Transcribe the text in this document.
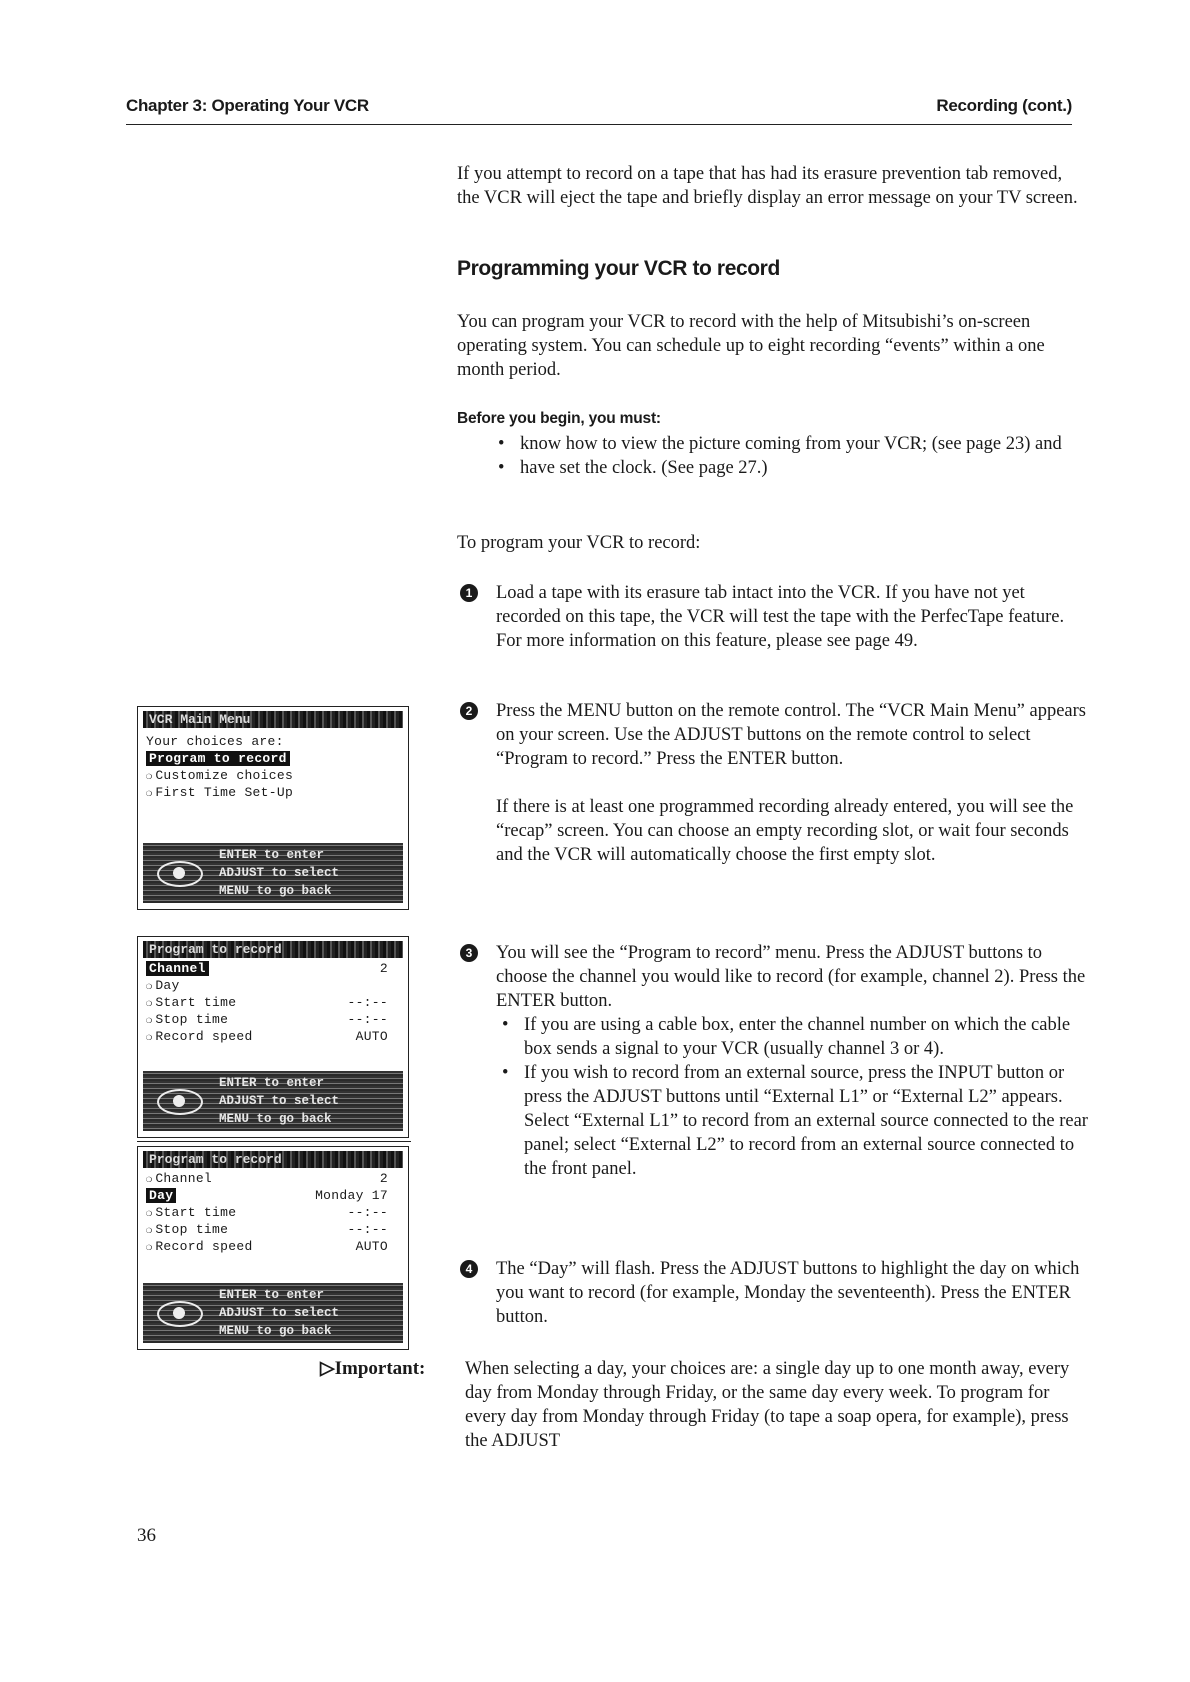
Chapter 3: Operating Your VCR	Recording (cont.)

If you attempt to record on a tape that has had its erasure prevention tab removed, the VCR will eject the tape and briefly display an error message on your TV screen.

Programming your VCR to record

You can program your VCR to record with the help of Mitsubishi’s on-screen operating system. You can schedule up to eight recording “events” within a one month period.

Before you begin, you must:
• know how to view the picture coming from your VCR; (see page 23) and
• have set the clock. (See page 27.)

To program your VCR to record:

1	Load a tape with its erasure tab intact into the VCR. If you have not yet recorded on this tape, the VCR will test the tape with the PerfecTape feature. For more information on this feature, please see page 49.

2	Press the MENU button on the remote control. The “VCR Main Menu” appears on your screen. Use the ADJUST buttons on the remote control to select “Program to record.” Press the ENTER button.

If there is at least one programmed recording already entered, you will see the “recap” screen. You can choose an empty recording slot, or wait four seconds and the VCR will automatically choose the first empty slot.

3	You will see the “Program to record” menu. Press the ADJUST buttons to choose the channel you would like to record (for example, channel 2). Press the ENTER button.

• If you are using a cable box, enter the channel number on which the cable box sends a signal to your VCR (usually channel 3 or 4).
• If you wish to record from an external source, press the INPUT button or press the ADJUST buttons until “External L1” or “External L2” appears. Select “External L1” to record from an external source connected to the rear panel; select “External L2” to record from an external source connected to the front panel.
4	The “Day” will flash. Press the ADJUST buttons to highlight the day on which you want to record (for example, Monday the seventeenth). Press the ENTER button.

▷Important: When selecting a day, your choices are: a single day up to one month away, every day from Monday through Friday, or the same day every week. To program for every day from Monday through Friday (to tape a soap opera, for example), press the ADJUST

VCR Main Menu
Your choices are:
Program to record
❍ Customize choices
❍ First Time Set-Up
ENTER to enter
ADJUST to select
MENU to go back
Program to record
Channel	2
❍ Day
❍ Start time	--:--
❍ Stop time	--:--
❍ Record speed	AUTO
ENTER to enter
ADJUST to select
MENU to go back
Program to record
❍ Channel	2
Day	Monday 17
❍ Start time	--:--
❍ Stop time	--:--
❍ Record speed	AUTO
ENTER to enter
ADJUST to select
MENU to go back
36
